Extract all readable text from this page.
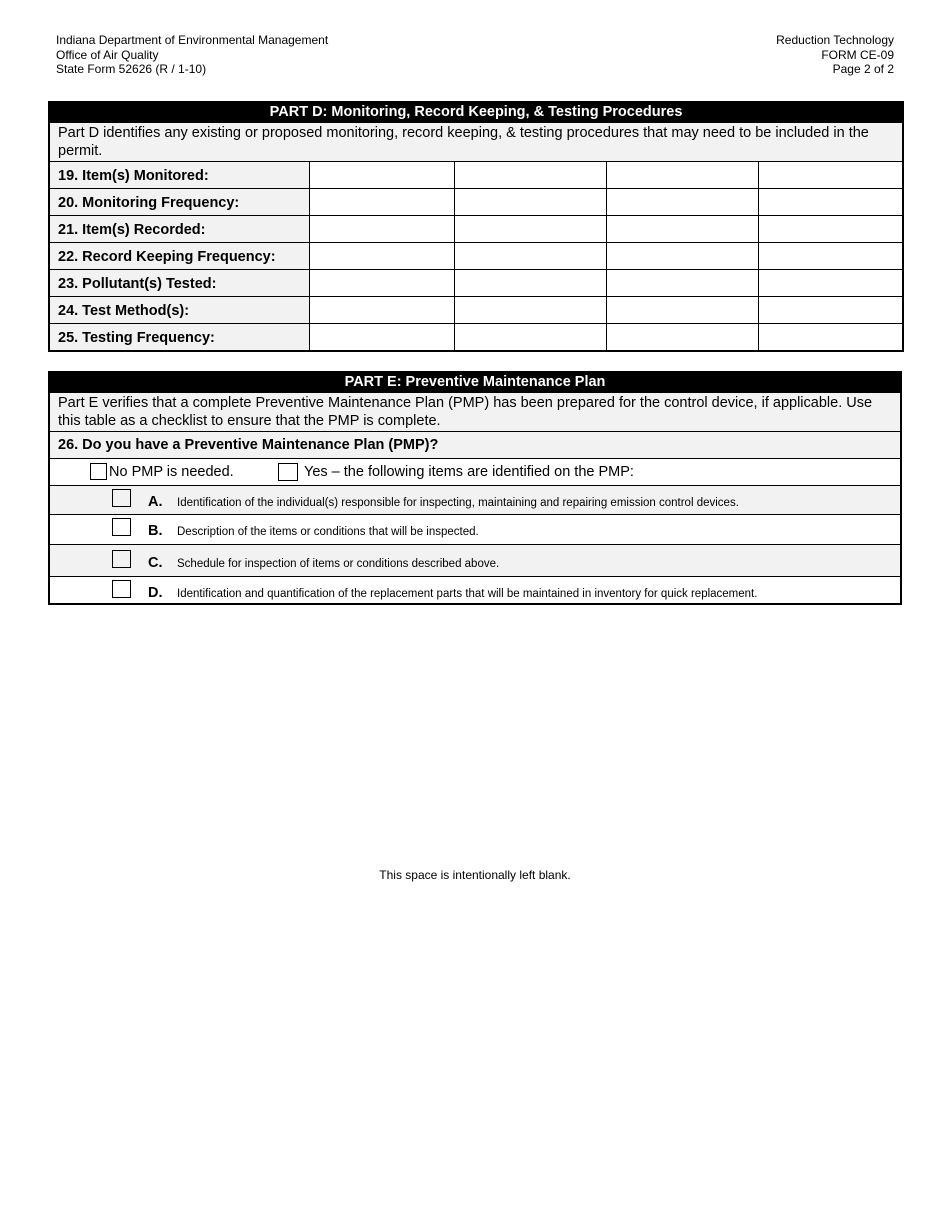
Indiana Department of Environmental Management
Office of Air Quality
State Form 52626 (R / 1-10)
Reduction Technology
FORM CE-09
Page 2 of 2
PART D: Monitoring, Record Keeping, & Testing Procedures				
Part D identifies any existing or proposed monitoring, record keeping, & testing procedures that may need to be included in the permit.				
19. Item(s) Monitored:				
20. Monitoring Frequency:				
21. Item(s) Recorded:				
22. Record Keeping Frequency:				
23. Pollutant(s) Tested:				
24. Test Method(s):				
25. Testing Frequency:				
PART E: Preventive Maintenance Plan
Part E verifies that a complete Preventive Maintenance Plan (PMP) has been prepared for the control device, if applicable. Use this table as a checklist to ensure that the PMP is complete.
26. Do you have a Preventive Maintenance Plan (PMP)?

No PMP is needed.	Yes – the following items are identified on the PMP:

A. Identification of the individual(s) responsible for inspecting, maintaining and repairing emission control devices.

B. Description of the items or conditions that will be inspected.

C. Schedule for inspection of items or conditions described above.

D. Identification and quantification of the replacement parts that will be maintained in inventory for quick replacement.
This space is intentionally left blank.
